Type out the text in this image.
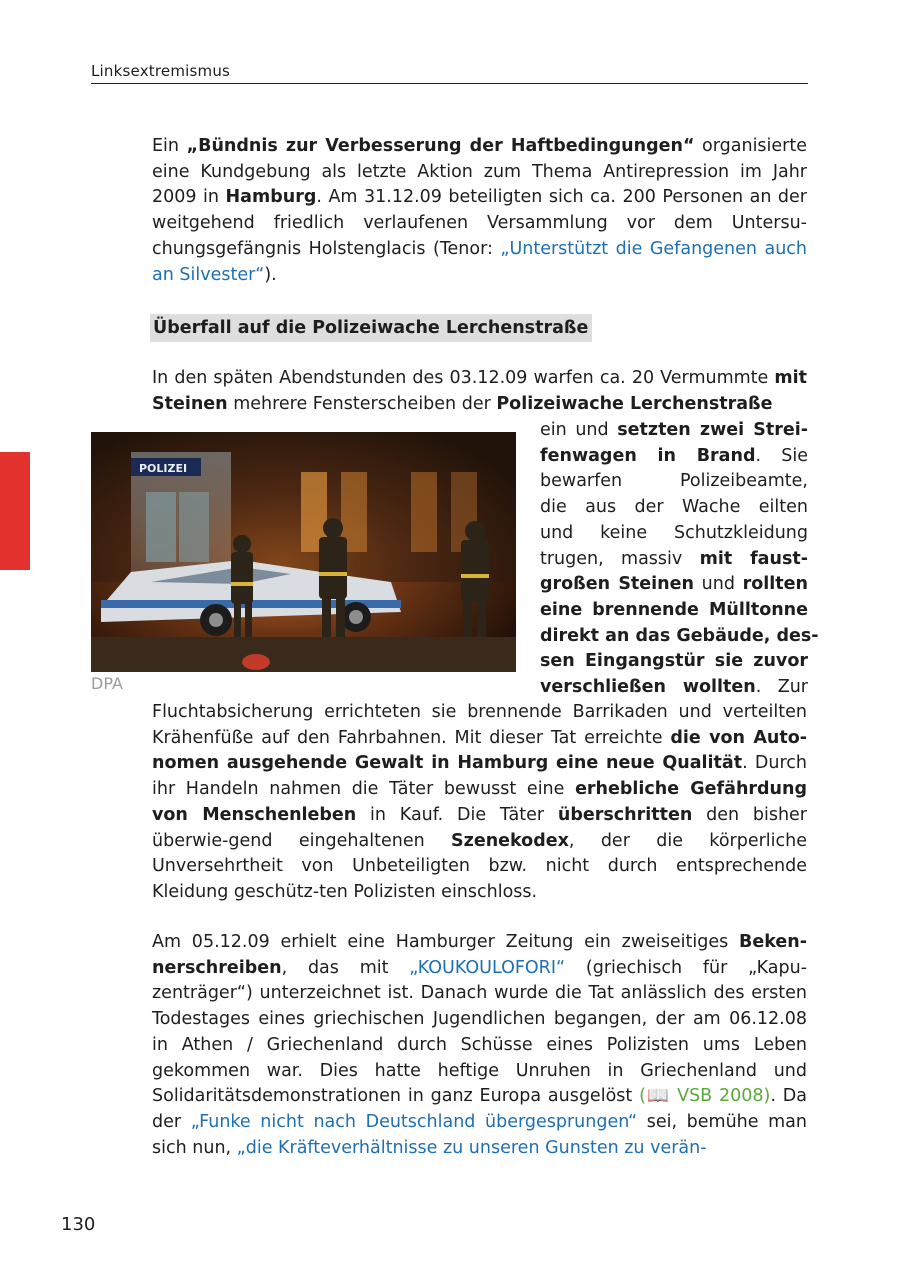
Linksextremismus

Ein „Bündnis zur Verbesserung der Haftbedingungen“ organisierte eine Kundgebung als letzte Aktion zum Thema Antirepression im Jahr 2009 in Hamburg. Am 31.12.09 beteiligten sich ca. 200 Personen an der weitgehend friedlich verlaufenen Versammlung vor dem Untersu-chungsgefängnis Holstenglacis (Tenor: „Unterstützt die Gefangenen auch an Silvester“).

Überfall auf die Polizeiwache Lerchenstraße

In den späten Abendstunden des 03.12.09 warfen ca. 20 Vermummte mit Steinen mehrere Fensterscheiben der Polizeiwache Lerchenstraße

POLIZEI
DPA
ein und setzten zwei Strei-
fenwagen in Brand. Sie
bewarfen Polizeibeamte,
die aus der Wache eilten
und keine Schutzkleidung
trugen, massiv mit faust-
großen Steinen und rollten
eine brennende Mülltonne
direkt an das Gebäude, des-
sen Eingangstür sie zuvor
verschließen wollten. Zur

Fluchtabsicherung errichteten sie brennende Barrikaden und verteilten Krähenfüße auf den Fahrbahnen. Mit dieser Tat erreichte die von Auto-nomen ausgehende Gewalt in Hamburg eine neue Qualität. Durch ihr Handeln nahmen die Täter bewusst eine erhebliche Gefährdung von Menschenleben in Kauf. Die Täter überschritten den bisher überwie-gend eingehaltenen Szenekodex, der die körperliche Unversehrtheit von Unbeteiligten bzw. nicht durch entsprechende Kleidung geschütz-ten Polizisten einschloss.

Am 05.12.09 erhielt eine Hamburger Zeitung ein zweiseitiges Beken-nerschreiben, das mit „KOUKOULOFORI“ (griechisch für „Kapu-zenträger“) unterzeichnet ist. Danach wurde die Tat anlässlich des ersten Todestages eines griechischen Jugendlichen begangen, der am 06.12.08 in Athen / Griechenland durch Schüsse eines Polizisten ums Leben gekommen war. Dies hatte heftige Unruhen in Griechenland und Solidaritätsdemonstrationen in ganz Europa ausgelöst (📖 VSB 2008). Da der „Funke nicht nach Deutschland übergesprungen“ sei, bemühe man sich nun, „die Kräfteverhältnisse zu unseren Gunsten zu verän-

130
